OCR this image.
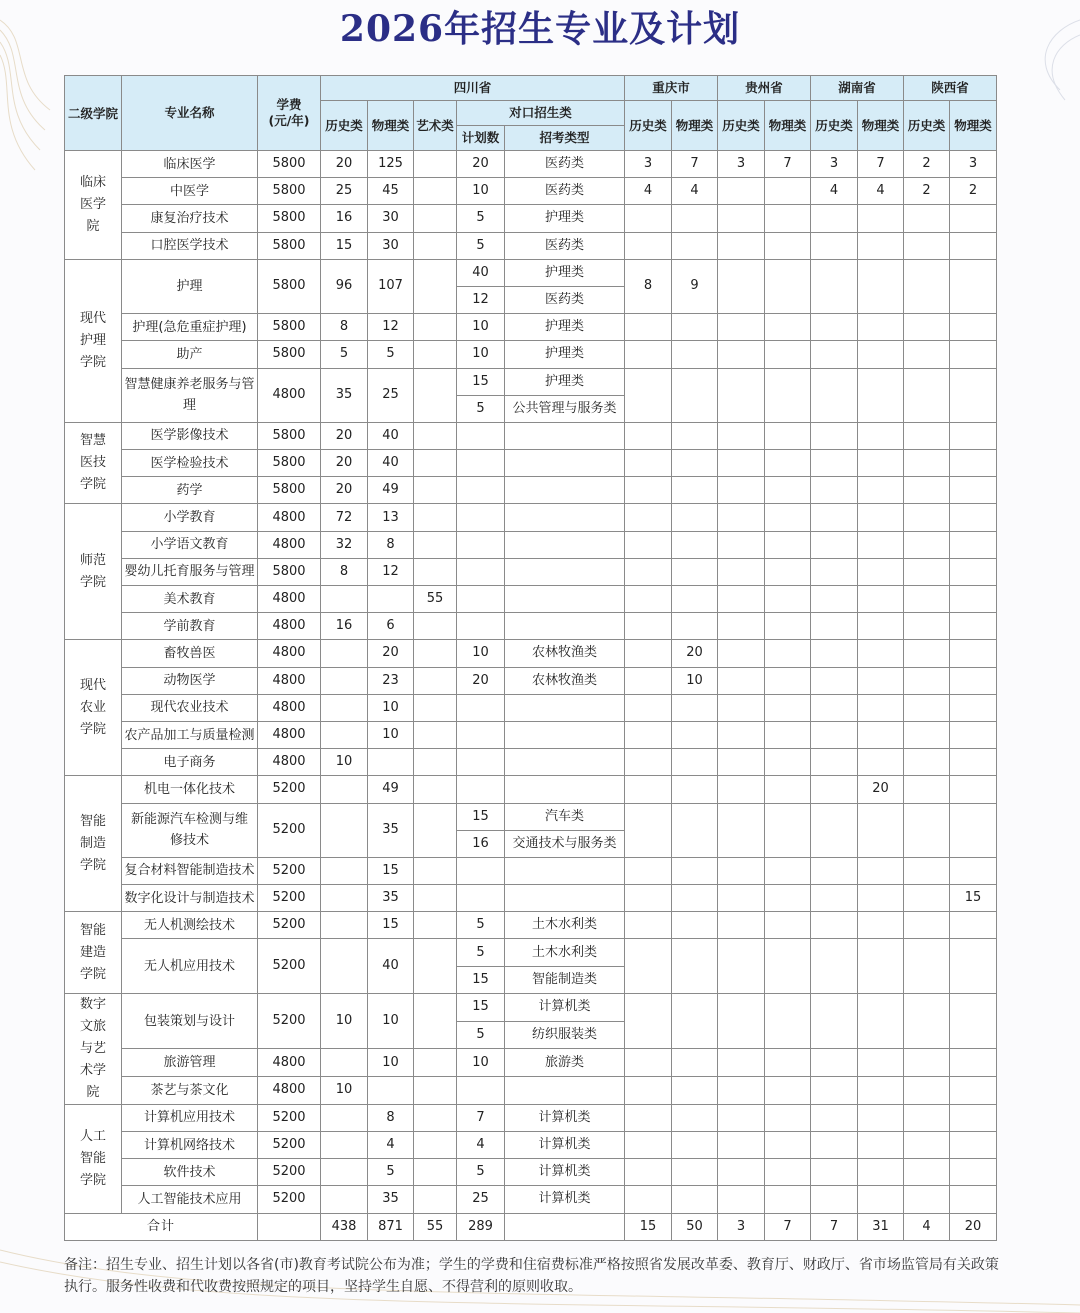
2026年招生专业及计划
二级学院	专业名称	学费
(元/年)	四川省					重庆市		贵州省		湖南省		陕西省	
			历史类	物理类	艺术类	对口招生类		历史类	物理类	历史类	物理类	历史类	物理类	历史类	物理类
						计划数	招考类型								
临床医学院	临床医学	5800	20	125		20	医药类	3	7	3	7	3	7	2	3
	中医学	5800	25	45		10	医药类	4	4			4	4	2	2
	康复治疗技术	5800	16	30		5	护理类								
	口腔医学技术	5800	15	30		5	医药类								
现代护理学院	护理	5800	96	107		40	护理类	8	9						
						12	医药类								
	护理(急危重症护理)	5800	8	12		10	护理类								
	助产	5800	5	5		10	护理类								
	智慧健康养老服务与管理	4800	35	25		15	护理类								
						5	公共管理与服务类								
智慧医技学院	医学影像技术	5800	20	40											
	医学检验技术	5800	20	40											
	药学	5800	20	49											
师范学院	小学教育	4800	72	13											
	小学语文教育	4800	32	8											
	婴幼儿托育服务与管理	5800	8	12											
	美术教育	4800			55										
	学前教育	4800	16	6											
现代农业学院	畜牧兽医	4800		20		10	农林牧渔类		20						
	动物医学	4800		23		20	农林牧渔类		10						
	现代农业技术	4800		10											
	农产品加工与质量检测	4800		10											
	电子商务	4800	10												
智能制造学院	机电一体化技术	5200		49									20		
	新能源汽车检测与维修技术	5200		35		15	汽车类								
						16	交通技术与服务类								
	复合材料智能制造技术	5200		15											
	数字化设计与制造技术	5200		35											15
智能建造学院	无人机测绘技术	5200		15		5	土木水利类								
	无人机应用技术	5200		40		5	土木水利类								
						15	智能制造类								
数字文旅与艺术学院	包装策划与设计	5200	10	10		15	计算机类								
						5	纺织服装类								
	旅游管理	4800		10		10	旅游类								
	茶艺与茶文化	4800	10												
人工智能学院	计算机应用技术	5200		8		7	计算机类								
	计算机网络技术	5200		4		4	计算机类								
	软件技术	5200		5		5	计算机类								
	人工智能技术应用	5200		35		25	计算机类								
合计			438	871	55	289		15	50	3	7	7	31	4	20
备注：招生专业、招生计划以各省(市)教育考试院公布为准；学生的学费和住宿费标准严格按照省发展改革委、教育厅、财政厅、省市场监管局有关政策执行。服务性收费和代收费按照规定的项目，坚持学生自愿、不得营利的原则收取。
